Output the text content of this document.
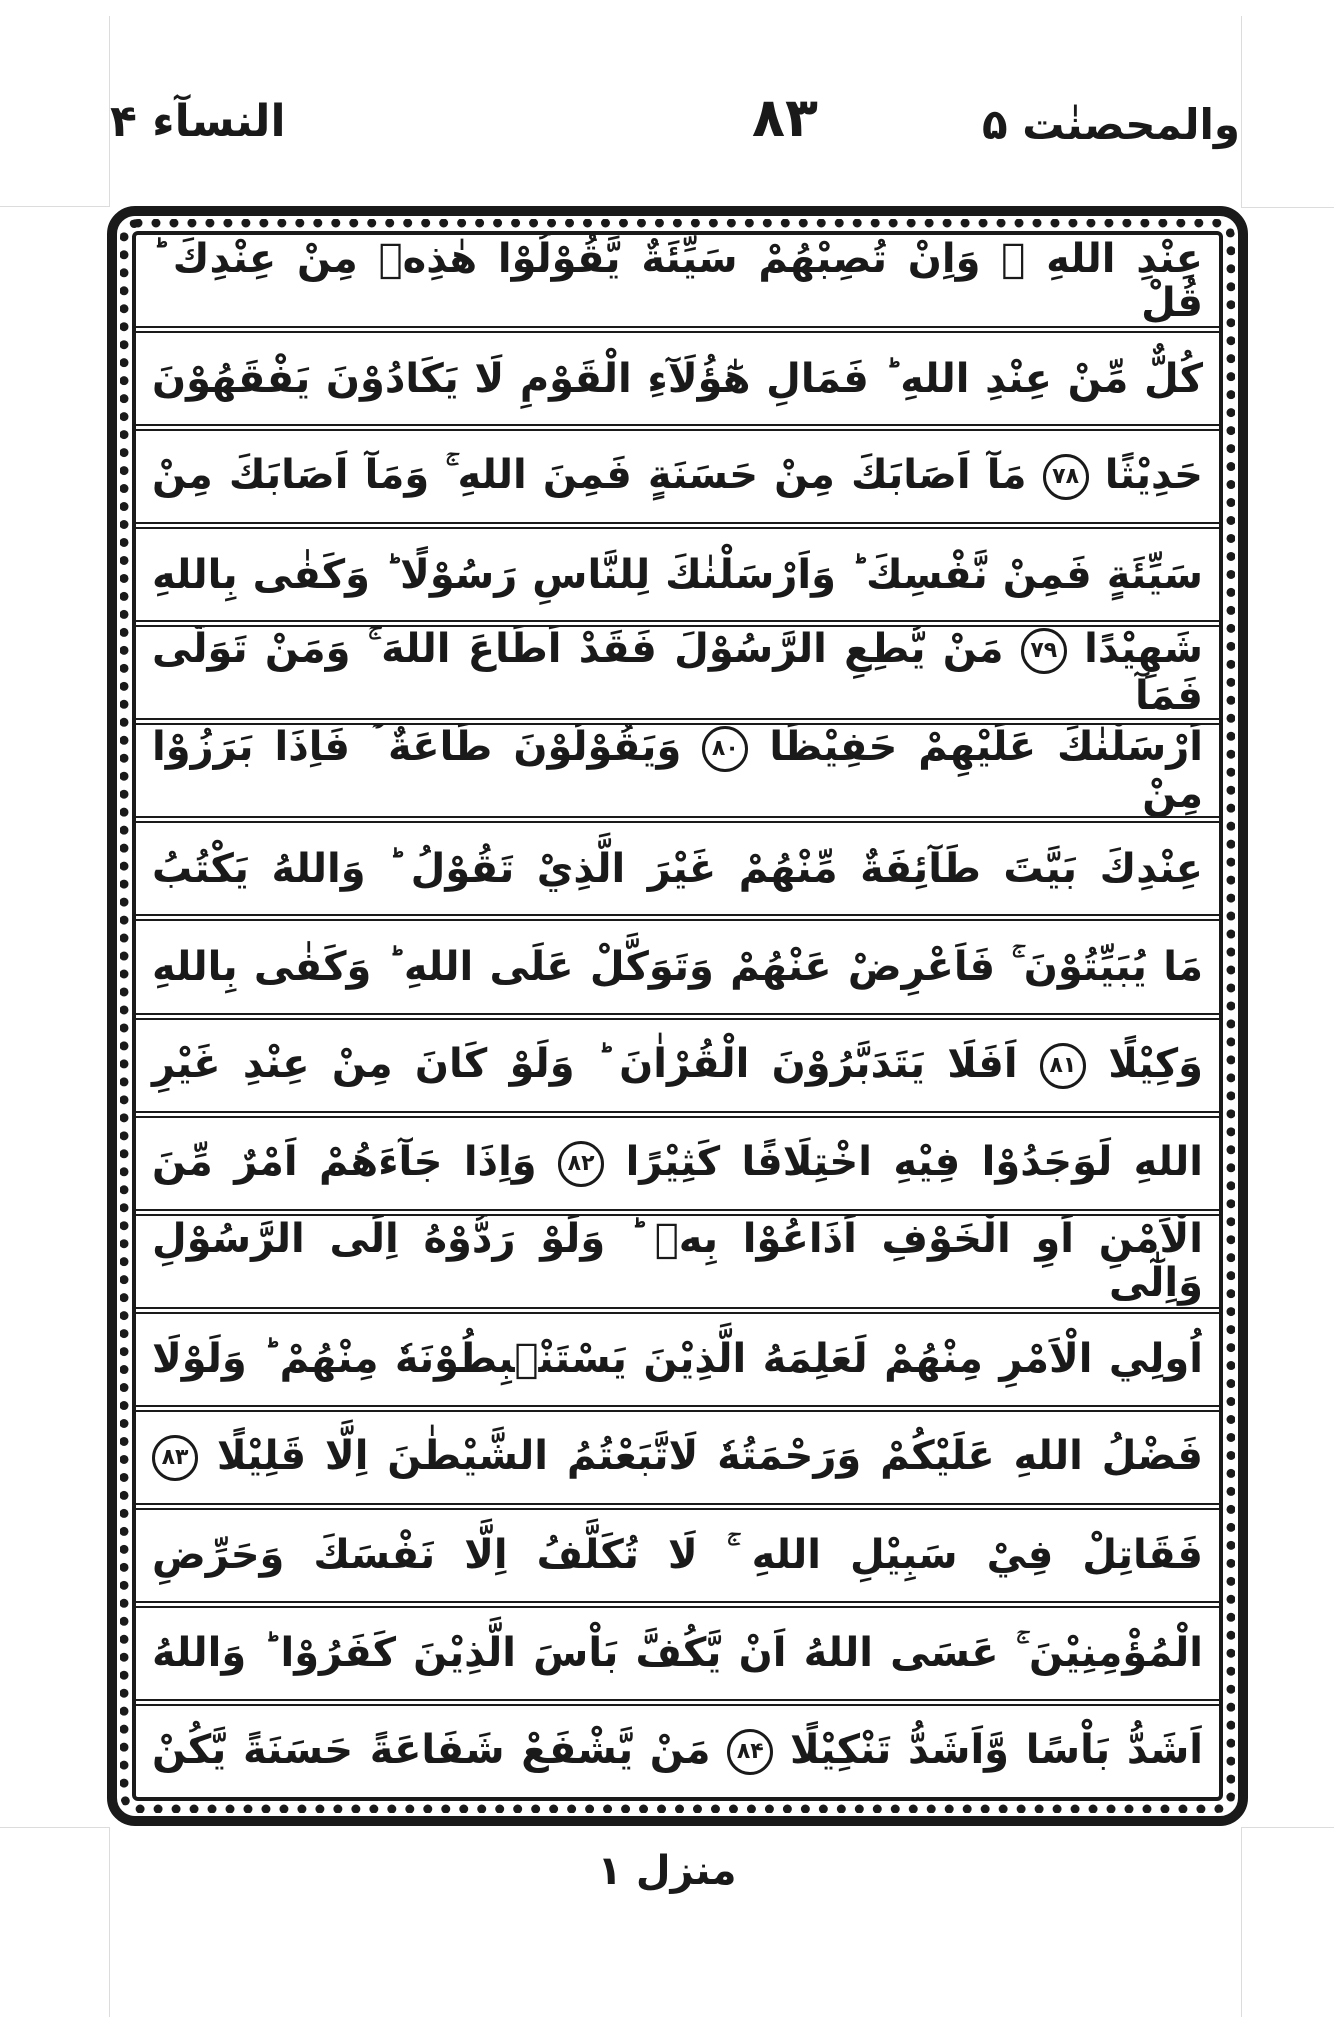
النسآء ۴	۸۳	والمحصنٰت ۵
عِنْدِ اللهِ ۚ وَاِنْ تُصِبْهُمْ سَيِّئَةٌ يَّقُوْلُوْا هٰذِهٖ مِنْ عِنْدِكَ ؕ قُلْ
كُلٌّ مِّنْ عِنْدِ اللهِ ؕ فَمَالِ هٰٓؤُلَآءِ الْقَوْمِ لَا يَكَادُوْنَ يَفْقَهُوْنَ
حَدِيْثًا ۷۸ مَآ اَصَابَكَ مِنْ حَسَنَةٍ فَمِنَ اللهِ ۚ وَمَآ اَصَابَكَ مِنْ
سَيِّئَةٍ فَمِنْ نَّفْسِكَ ؕ وَاَرْسَلْنٰكَ لِلنَّاسِ رَسُوْلًا ؕ وَكَفٰى بِاللهِ
شَهِيْدًا ۷۹ مَنْ يُّطِعِ الرَّسُوْلَ فَقَدْ اَطَاعَ اللهَ ۚ وَمَنْ تَوَلّٰى فَمَآ
اَرْسَلْنٰكَ عَلَيْهِمْ حَفِيْظًا ۸۰ وَيَقُوْلُوْنَ طَاعَةٌ ۡ فَاِذَا بَرَزُوْا مِنْ
عِنْدِكَ بَيَّتَ طَآئِفَةٌ مِّنْهُمْ غَيْرَ الَّذِيْ تَقُوْلُ ؕ وَاللهُ يَكْتُبُ
مَا يُبَيِّتُوْنَ ۚ فَاَعْرِضْ عَنْهُمْ وَتَوَكَّلْ عَلَى اللهِ ؕ وَكَفٰى بِاللهِ
وَكِيْلًا ۸۱ اَفَلَا يَتَدَبَّرُوْنَ الْقُرْاٰنَ ؕ وَلَوْ كَانَ مِنْ عِنْدِ غَيْرِ
اللهِ لَوَجَدُوْا فِيْهِ اخْتِلَافًا كَثِيْرًا ۸۲ وَاِذَا جَآءَهُمْ اَمْرٌ مِّنَ
الْاَمْنِ اَوِ الْخَوْفِ اَذَاعُوْا بِهٖ ؕ وَلَوْ رَدُّوْهُ اِلَى الرَّسُوْلِ وَاِلٰٓى
اُولِي الْاَمْرِ مِنْهُمْ لَعَلِمَهُ الَّذِيْنَ يَسْتَنْۢبِطُوْنَهٗ مِنْهُمْ ؕ وَلَوْلَا
فَضْلُ اللهِ عَلَيْكُمْ وَرَحْمَتُهٗ لَاتَّبَعْتُمُ الشَّيْطٰنَ اِلَّا قَلِيْلًا ۸۳
فَقَاتِلْ فِيْ سَبِيْلِ اللهِ ۚ لَا تُكَلَّفُ اِلَّا نَفْسَكَ وَحَرِّضِ
الْمُؤْمِنِيْنَ ۚ عَسَى اللهُ اَنْ يَّكُفَّ بَاْسَ الَّذِيْنَ كَفَرُوْا ؕ وَاللهُ
اَشَدُّ بَاْسًا وَّاَشَدُّ تَنْكِيْلًا ۸۴ مَنْ يَّشْفَعْ شَفَاعَةً حَسَنَةً يَّكُنْ
منزل ۱
